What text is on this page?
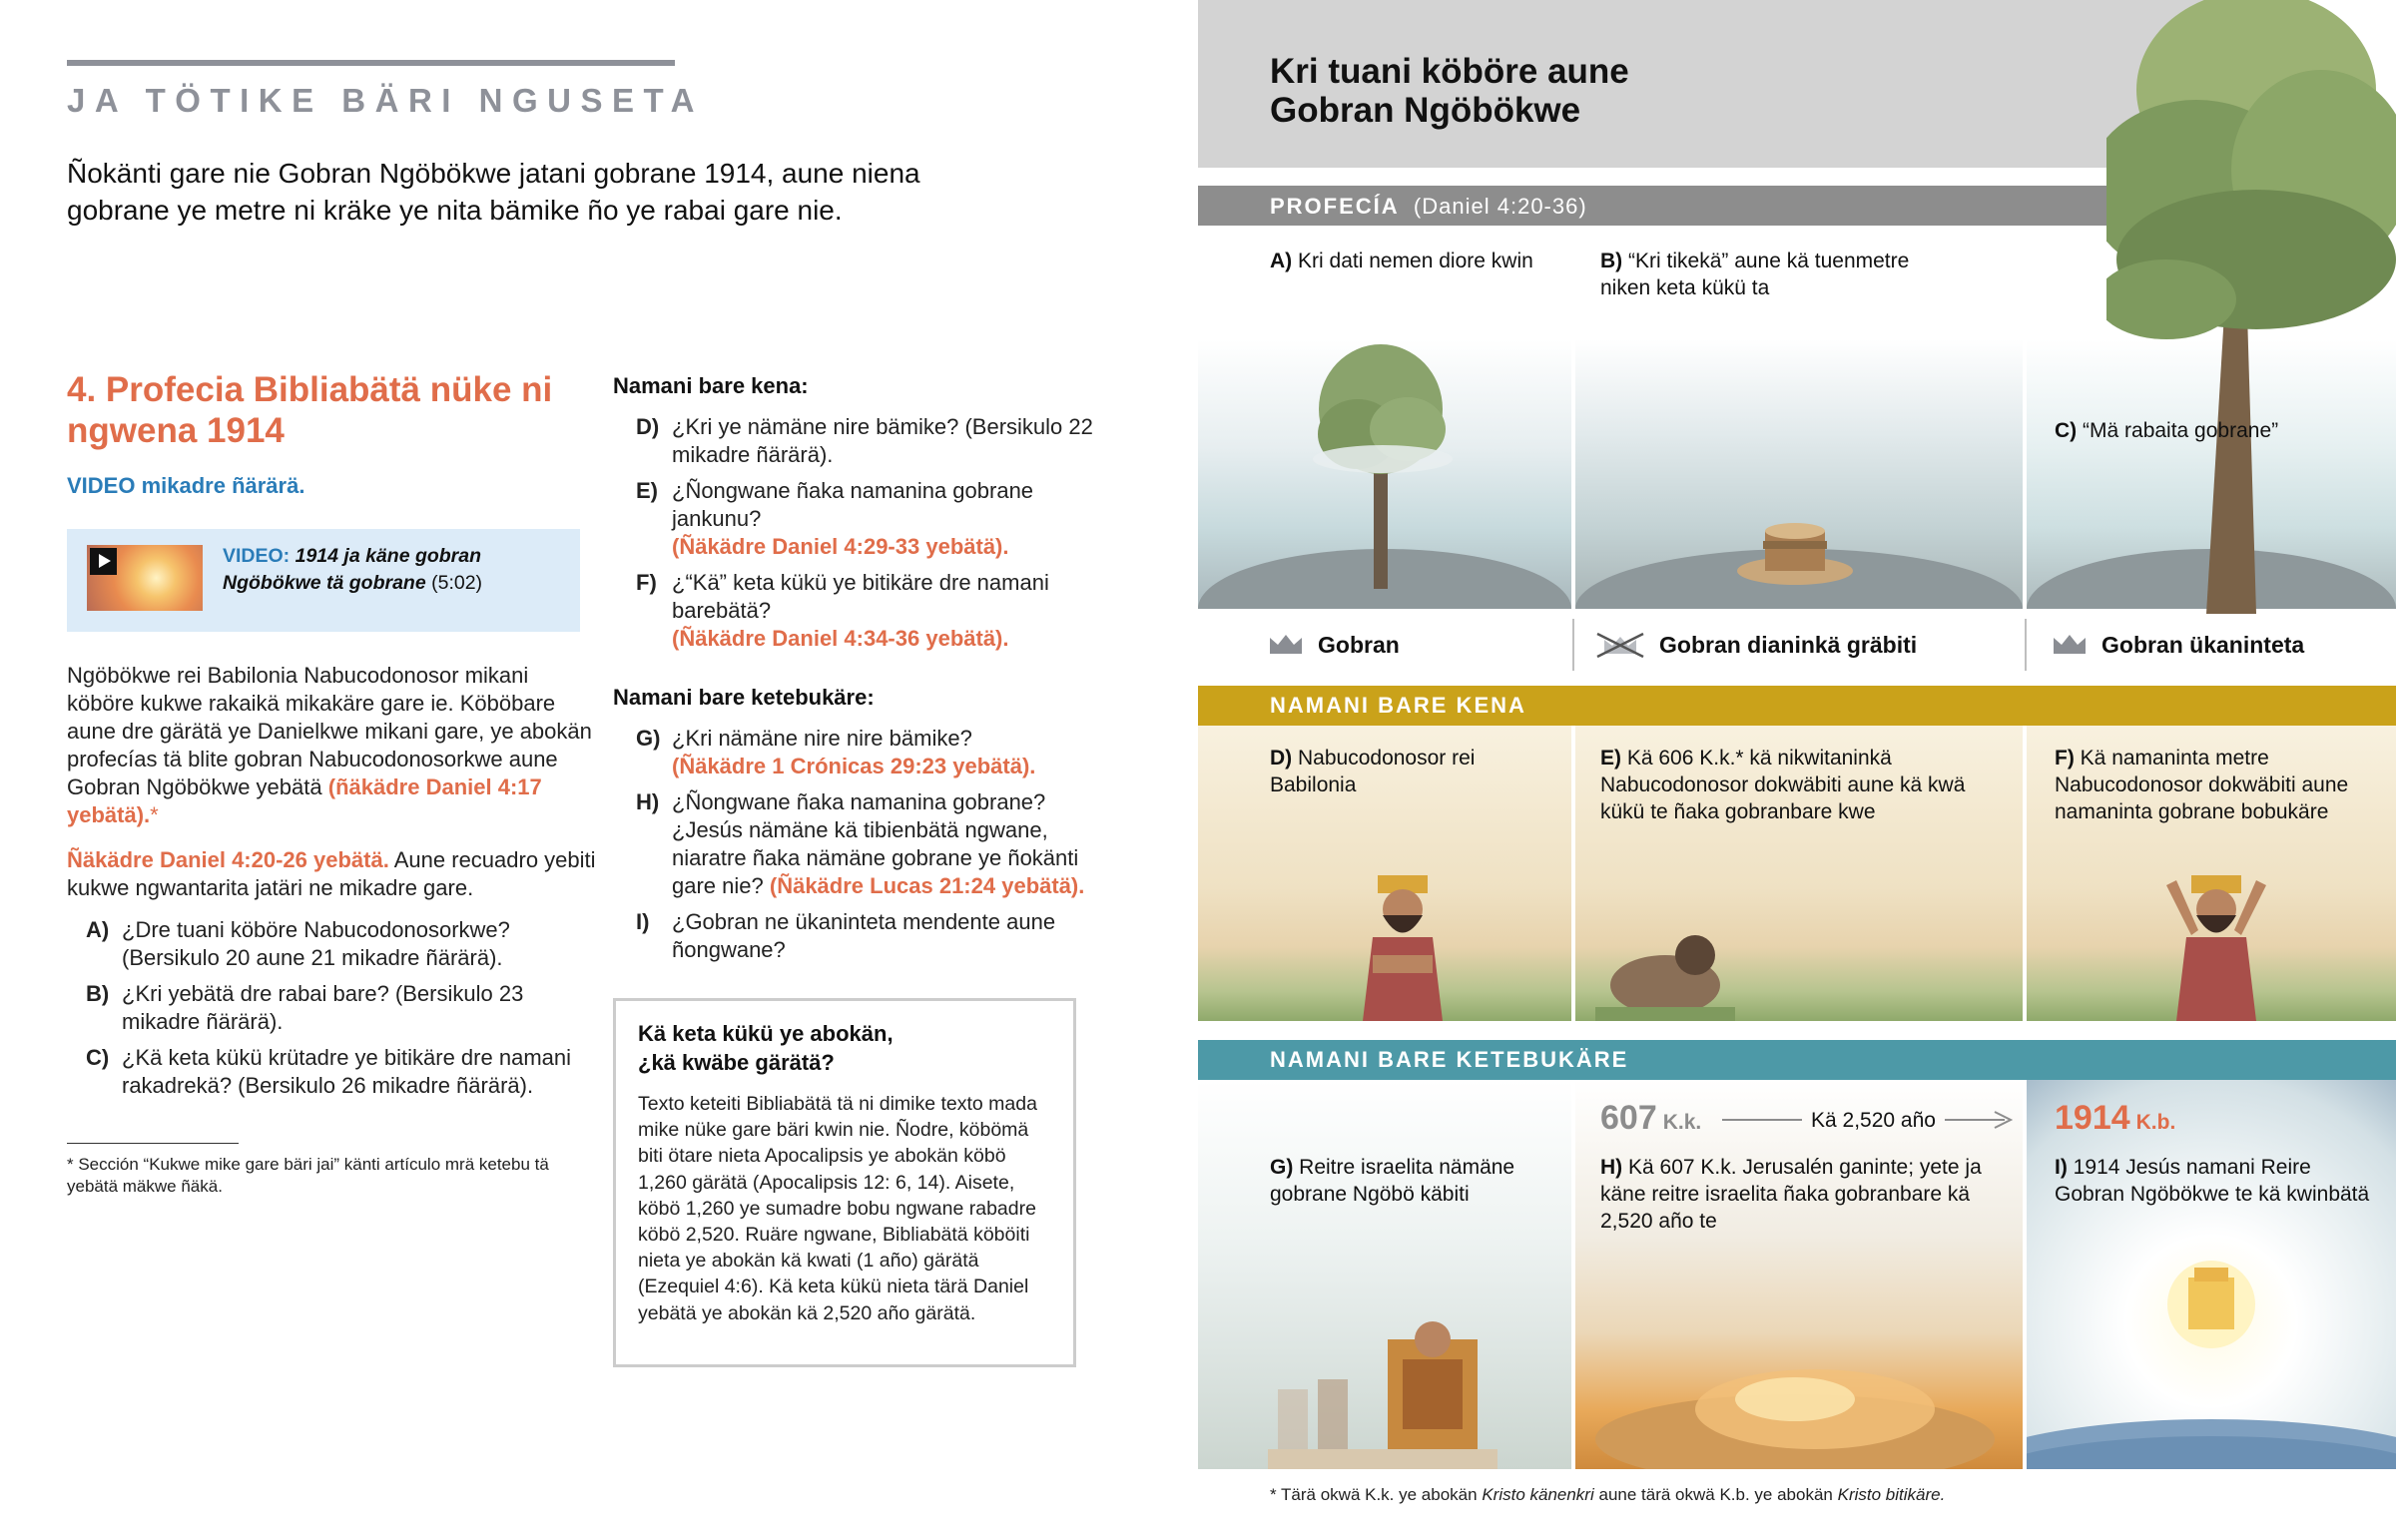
JA TÖTIKE BÄRI NGUSETA
Ñokänti gare nie Gobran Ngöbökwe jatani gobrane 1914, aune niena gobrane ye metre ni kräke ye nita bämike ño ye rabai gare nie.
4. Profecia Bibliabätä nüke ni ngwena 1914
VIDEO mikadre ñärärä.
VIDEO: 1914 ja käne gobran Ngöbökwe tä gobrane (5:02)
Ngöbökwe rei Babilonia Nabucodonosor mikani köböre kukwe rakaikä mikakäre gare ie. Köböbare aune dre gärätä ye Danielkwe mikani gare, ye abokän profecías tä blite gobran Nabucodonosorkwe aune Gobran Ngöbökwe yebätä (ñäkädre Daniel 4:17 yebätä).*
Ñäkädre Daniel 4:20-26 yebätä. Aune recuadro yebiti kukwe ngwantarita jatäri ne mikadre gare.
A) ¿Dre tuani köböre Nabucodonosorkwe? (Bersikulo 20 aune 21 mikadre ñärärä).
B) ¿Kri yebätä dre rabai bare? (Bersikulo 23 mikadre ñärärä).
C) ¿Kä keta kükü krütadre ye bitikäre dre namani rakadrekä? (Bersikulo 26 mikadre ñärärä).
* Sección “Kukwe mike gare bäri jai” känti artículo mrä ketebu tä yebätä mäkwe ñäkä.
Namani bare kena:
D) ¿Kri ye nämäne nire bämike? (Bersikulo 22 mikadre ñärärä).
E) ¿Ñongwane ñaka namanina gobrane jankunu?
(Ñäkädre Daniel 4:29-33 yebätä).
F) ¿“Kä” keta kükü ye bitikäre dre namani barebätä?
(Ñäkädre Daniel 4:34-36 yebätä).
Namani bare ketebukäre:
G) ¿Kri nämäne nire nire bämike?
(Ñäkädre 1 Crónicas 29:23 yebätä).
H) ¿Ñongwane ñaka namanina gobrane? ¿Jesús nämäne kä tibienbätä ngwane, niaratre ñaka nämäne gobrane ye ñokänti gare nie? (Ñäkädre Lucas 21:24 yebätä).
I)	¿Gobran ne ükaninteta mendente aune ñongwane?
Kä keta kükü ye abokän, ¿kä kwäbe gärätä?
Texto keteiti Bibliabätä tä ni dimike texto mada mike nüke gare bäri kwin nie. Ñodre, köbömä biti ötare nieta Apocalipsis ye abokän köbö 1,260 gärätä (Apocalipsis 12: 6, 14). Aisete, köbö 1,260 ye sumadre bobu ngwane rabadre köbö 2,520. Ruäre ngwane, Bibliabätä köböiti nieta ye abokän kä kwati (1 año) gärätä (Ezequiel 4:6). Kä keta kükü nieta tärä Daniel yebätä ye abokän kä 2,520 año gärätä.
Kri tuani köböre aune
Gobran Ngöbökwe
PROFECÍA (Daniel 4:20-36)
A) Kri dati nemen diore kwin	B) “Kri tikekä” aune kä tuenmetre niken keta kükü ta
C) “Mä rabaita gobrane”
Gobran	Gobran dianinkä gräbiti	Gobran ükaninteta
NAMANI BARE KENA
D) Nabucodonosor rei Babilonia
E) Kä 606 K.k.* kä nikwitaninkä Nabucodonosor dokwäbiti aune kä kwä kükü te ñaka gobranbare kwe
F) Kä namaninta metre Nabucodonosor dokwäbiti aune namaninta gobrane bobukäre
NAMANI BARE KETEBUKÄRE
607 K.k.	Kä 2,520 año	1914 K.b.
G) Reitre israelita nämäne gobrane Ngöbö käbiti
H) Kä 607 K.k. Jerusalén ganinte; yete ja käne reitre israelita ñaka gobranbare kä 2,520 año te
I) 1914 Jesús namani Reire Gobran Ngöbökwe te kä kwinbätä
* Tärä okwä K.k. ye abokän Kristo känenkri aune tärä okwä K.b. ye abokän Kristo bitikäre.
